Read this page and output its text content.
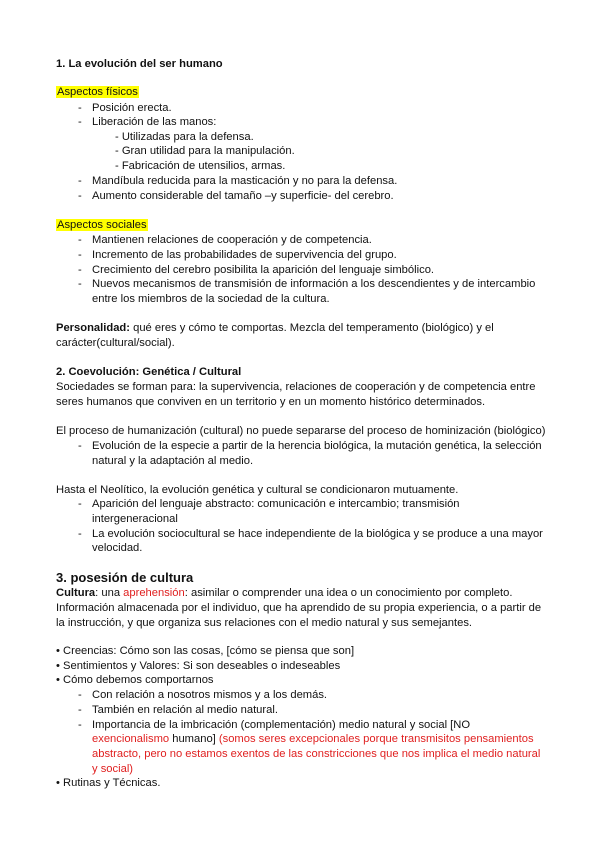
1. La evolución del ser humano
Aspectos físicos
- Posición erecta.
- Liberación de las manos:
- Utilizadas para la defensa.
- Gran utilidad para la manipulación.
- Fabricación de utensilios, armas.
- Mandíbula reducida para la masticación y no para la defensa.
- Aumento considerable del tamaño –y superficie- del cerebro.
Aspectos sociales
- Mantienen relaciones de cooperación y de competencia.
- Incremento de las probabilidades de supervivencia del grupo.
- Crecimiento del cerebro posibilita la aparición del lenguaje simbólico.
- Nuevos mecanismos de transmisión de información a los descendientes y de intercambio
entre los miembros de la sociedad de la cultura.
Personalidad: qué eres y cómo te comportas. Mezcla del temperamento (biológico) y el
carácter(cultural/social).
2. Coevolución: Genética / Cultural
Sociedades se forman para: la supervivencia, relaciones de cooperación y de competencia entre
seres humanos que conviven en un territorio y en un momento histórico determinados.
El proceso de humanización (cultural) no puede separarse del proceso de hominización (biológico)
- Evolución de la especie a partir de la herencia biológica, la mutación genética, la selección
natural y la adaptación al medio.
Hasta el Neolítico, la evolución genética y cultural se condicionaron mutuamente.
- Aparición del lenguaje abstracto: comunicación e intercambio; transmisión
intergeneracional
- La evolución sociocultural se hace independiente de la biológica y se produce a una mayor
velocidad.
3. posesión de cultura
Cultura: una aprehensión: asimilar o comprender una idea o un conocimiento por completo.
Información almacenada por el individuo, que ha aprendido de su propia experiencia, o a partir de
la instrucción, y que organiza sus relaciones con el medio natural y sus semejantes.
• Creencias: Cómo son las cosas, [cómo se piensa que son]
• Sentimientos y Valores: Si son deseables o indeseables
• Cómo debemos comportarnos
- Con relación a nosotros mismos y a los demás.
- También en relación al medio natural.
- Importancia de la imbricación (complementación) medio natural y social [NO
exencionalismo humano] (somos seres excepcionales porque transmisitos pensamientos
abstracto, pero no estamos exentos de las constricciones que nos implica el medio natural
y social)
• Rutinas y Técnicas.
